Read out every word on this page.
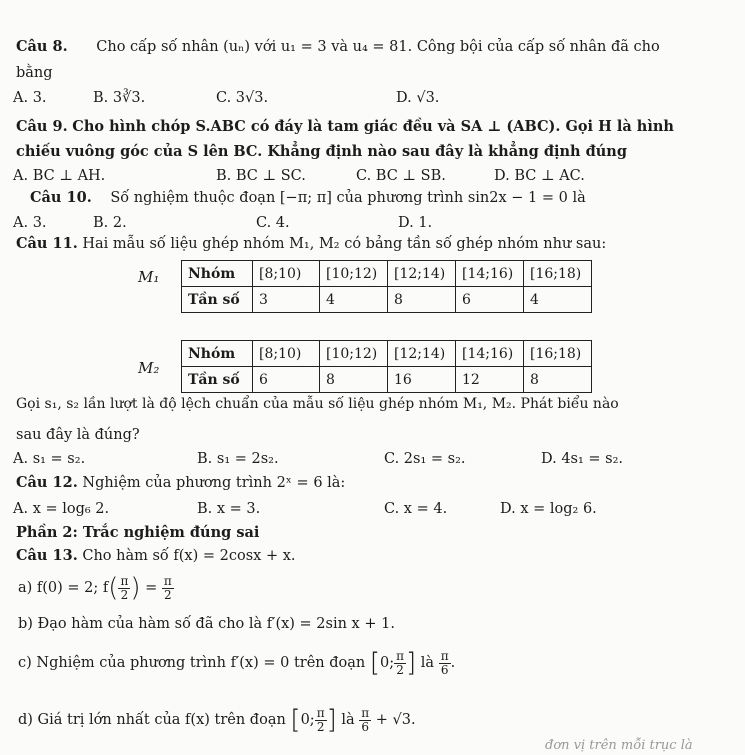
Câu 8. Cho cấp số nhân (uₙ) với u₁ = 3 và u₄ = 81. Công bội của cấp số nhân đã cho
bằng
A. 3.	B. 3∛3.	C. 3√3.	D. √3.
Câu 9. Cho hình chóp S.ABC có đáy là tam giác đều và SA ⊥ (ABC). Gọi H là hình
chiếu vuông góc của S lên BC. Khẳng định nào sau đây là khẳng định đúng
A. BC ⊥ AH.	B. BC ⊥ SC.	C. BC ⊥ SB.	D. BC ⊥ AC.
Câu 10. Số nghiệm thuộc đoạn [−π; π] của phương trình sin2x − 1 = 0 là
A. 3.	B. 2.	C. 4.	D. 1.
Câu 11. Hai mẫu số liệu ghép nhóm M₁, M₂ có bảng tần số ghép nhóm như sau:
M₁ Nhóm	[8;10)	[10;12)	[12;14)	[14;16)	[16;18)
Tần số	3	4	8	6	4
M₂
Nhóm	[8;10)	[10;12)	[12;14)	[14;16)	[16;18)
Tần số	6	8	16	12	8
Gọi s₁, s₂ lần lượt là độ lệch chuẩn của mẫu số liệu ghép nhóm M₁, M₂. Phát biểu nào
sau đây là đúng?
A. s₁ = s₂.	B. s₁ = 2s₂.	C. 2s₁ = s₂.	D. 4s₁ = s₂.
Câu 12. Nghiệm của phương trình 2ˣ = 6 là:
A. x = log₆ 2.	B. x = 3.	C. x = 4.	D. x = log₂ 6.
Phần 2: Trắc nghiệm đúng sai
Câu 13. Cho hàm số f(x) = 2cosx + x.
a) f(0) = 2; $f( \frac{\pi}{2}$ ) = $\frac{\pi}{2}$
b) Đạo hàm của hàm số đã cho là f′(x) = 2sin x + 1.
c) Nghiệm của phương trình f′(x) = 0 trên đoạn [0; $\frac{\pi}{2}$ ] là $\frac{\pi}{6}$ .
d) Giá trị lớn nhất của f(x) trên đoạn [0; $\frac{\pi}{2}$ ] là $\frac{\pi}{6} + √3$.
đơn vị trên mỗi trục là
